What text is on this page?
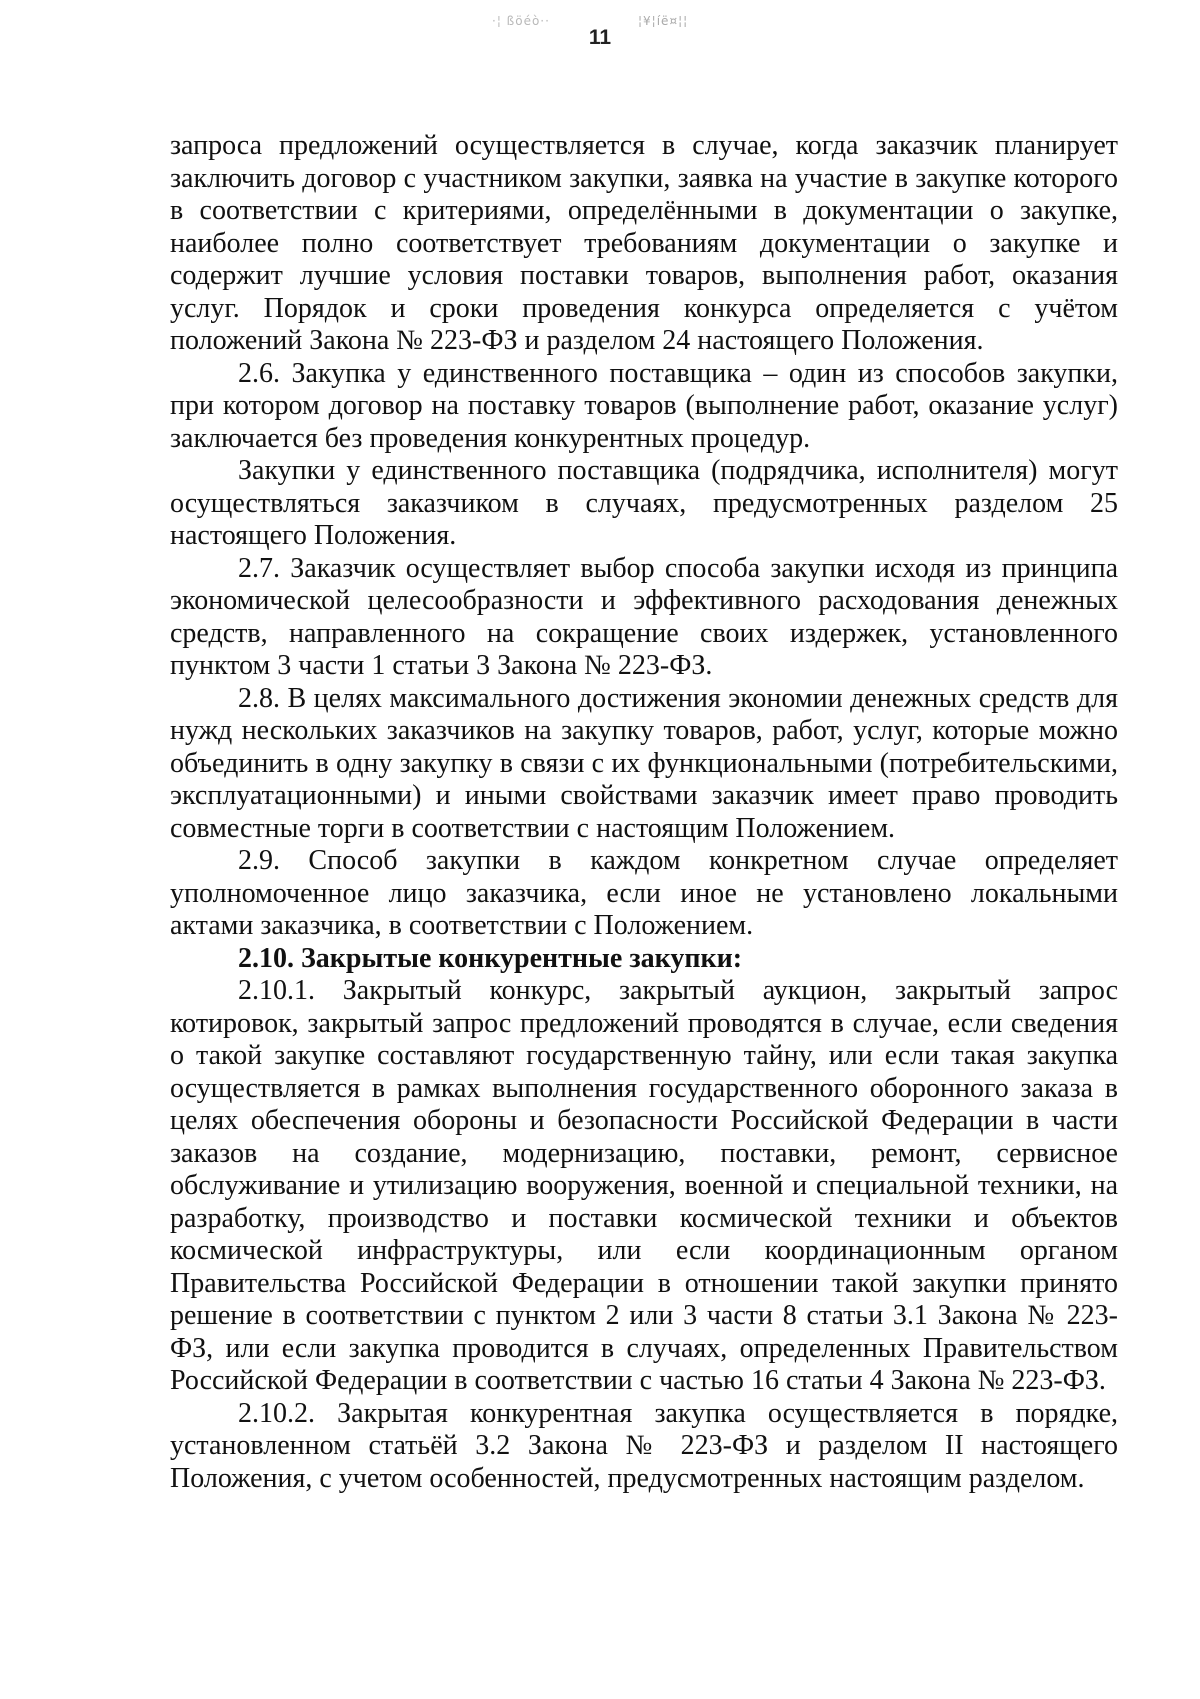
·¦ ßöéò··	¦¥¦íë¤¦¦
11

запроса предложений осуществляется в случае, когда заказчик планирует заключить договор с участником закупки, заявка на участие в закупке которого в соответствии с критериями, определёнными в документации о закупке, наиболее полно соответствует требованиям документации о закупке и содержит лучшие условия поставки товаров, выполнения работ, оказания услуг. Порядок и сроки проведения конкурса определяется с учётом положений Закона № 223-ФЗ и разделом 24 настоящего Положения.

2.6. Закупка у единственного поставщика – один из способов закупки, при котором договор на поставку товаров (выполнение работ, оказание услуг) заключается без проведения конкурентных процедур.

Закупки у единственного поставщика (подрядчика, исполнителя) могут осуществляться заказчиком в случаях, предусмотренных разделом 25 настоящего Положения.

2.7. Заказчик осуществляет выбор способа закупки исходя из принципа экономической целесообразности и эффективного расходования денежных средств, направленного на сокращение своих издержек, установленного пунктом 3 части 1 статьи 3 Закона № 223-ФЗ.

2.8. В целях максимального достижения экономии денежных средств для нужд нескольких заказчиков на закупку товаров, работ, услуг, которые можно объединить в одну закупку в связи с их функциональными (потребительскими, эксплуатационными) и иными свойствами заказчик имеет право проводить совместные торги в соответствии с настоящим Положением.

2.9. Способ закупки в каждом конкретном случае определяет уполномоченное лицо заказчика, если иное не установлено локальными актами заказчика, в соответствии с Положением.

2.10. Закрытые конкурентные закупки:

2.10.1. Закрытый конкурс, закрытый аукцион, закрытый запрос котировок, закрытый запрос предложений проводятся в случае, если сведения о такой закупке составляют государственную тайну, или если такая закупка осуществляется в рамках выполнения государственного оборонного заказа в целях обеспечения обороны и безопасности Российской Федерации в части заказов на создание, модернизацию, поставки, ремонт, сервисное обслуживание и утилизацию вооружения, военной и специальной техники, на разработку, производство и поставки космической техники и объектов космической инфраструктуры, или если координационным органом Правительства Российской Федерации в отношении такой закупки принято решение в соответствии с пунктом 2 или 3 части 8 статьи 3.1 Закона № 223-ФЗ, или если закупка проводится в случаях, определенных Правительством Российской Федерации в соответствии с частью 16 статьи 4 Закона № 223-ФЗ.

2.10.2. Закрытая конкурентная закупка осуществляется в порядке, установленном статьёй 3.2 Закона № 223-ФЗ и разделом II настоящего Положения, с учетом особенностей, предусмотренных настоящим разделом.
